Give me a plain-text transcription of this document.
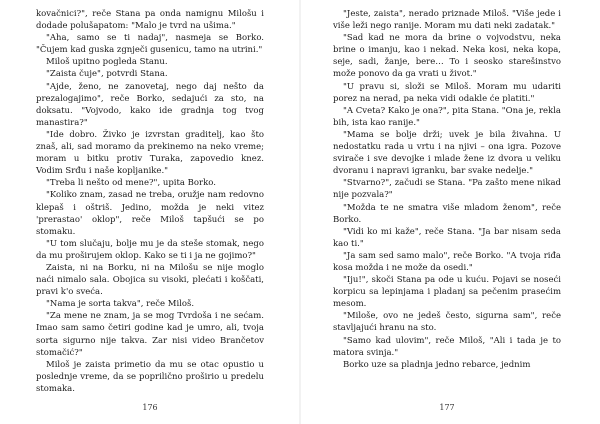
kovačnici?", reče Stana pa onda namignu Milošu i dodade polušapatom: "Malo je tvrd na ušima."

"Aha, samo se ti nadaj", nasmeja se Borko. "Čujem kad guska zgnječi gusenicu, tamo na utrini."

Miloš upitno pogleda Stanu.

"Zaista čuje", potvrdi Stana.

"Ajde, ženo, ne zanovetaj, nego daj nešto da prezalogajimo", reče Borko, sedajući za sto, na doksatu. "Vojvodo, kako ide gradnja tog tvog manastira?"

"Ide dobro. Živko je izvrstan graditelj, kao što znaš, ali, sad moramo da prekinemo na neko vreme; moram u bitku protiv Turaka, zapovedio knez. Vodim Srđu i naše kopljanike."

"Treba li nešto od mene?", upita Borko.

"Koliko znam, zasad ne treba, oružje nam redovno klepaš i oštriš. Jedino, možda je neki vitez 'prerastao' oklop", reče Miloš tapšući se po stomaku.

"U tom slučaju, bolje mu je da steše stomak, nego da mu proširujem oklop. Kako se ti i ja ne gojimo?"

Zaista, ni na Borku, ni na Milošu se nije moglo naći nimalo sala. Obojica su visoki, plećati i koščati, pravi k'o sveća.

"Nama je sorta takva", reče Miloš.

"Za mene ne znam, ja se mog Tvrdoša i ne sećam. Imao sam samo četiri godine kad je umro, ali, tvoja sorta sigurno nije takva. Zar nisi video Brančetov stomačić?"

Miloš je zaista primetio da mu se otac opustio u poslednje vreme, da se poprilično proširio u predelu stomaka.

176

"Jeste, zaista", nerado priznade Miloš. "Više jede i više leži nego ranije. Moram mu dati neki zadatak."

"Sad kad ne mora da brine o vojvodstvu, neka brine o imanju, kao i nekad. Neka kosi, neka kopa, seje, sadi, žanje, bere… To i seosko starešinstvo može ponovo da ga vrati u život."

"U pravu si, složi se Miloš. Moram mu udariti porez na nerad, pa neka vidi odakle će platiti."

"A Cveta? Kako je ona?", pita Stana. "Ona je, rekla bih, ista kao ranije."

"Mama se bolje drži; uvek je bila živahna. U nedostatku rada u vrtu i na njivi – ona igra. Pozove svirače i sve devojke i mlade žene iz dvora u veliku dvoranu i napravi igranku, bar svake nedelje."

"Stvarno?", začudi se Stana. "Pa zašto mene nikad nije pozvala?"

"Možda te ne smatra više mladom ženom", reče Borko.

"Vidi ko mi kaže", reče Stana. "Ja bar nisam seda kao ti."

"Ja sam sed samo malo", reče Borko. "A tvoja riđa kosa možda i ne može da osedi."

"Iju!", skoči Stana pa ode u kuću. Pojavi se noseći korpicu sa lepinjama i pladanj sa pečenim prasećim mesom.

"Miloše, ovo ne jedeš često, sigurna sam", reče stavljajući hranu na sto.

"Samo kad ulovim", reče Miloš, "Ali i tada je to matora svinja."

Borko uze sa pladnja jedno rebarce, jednim

177
